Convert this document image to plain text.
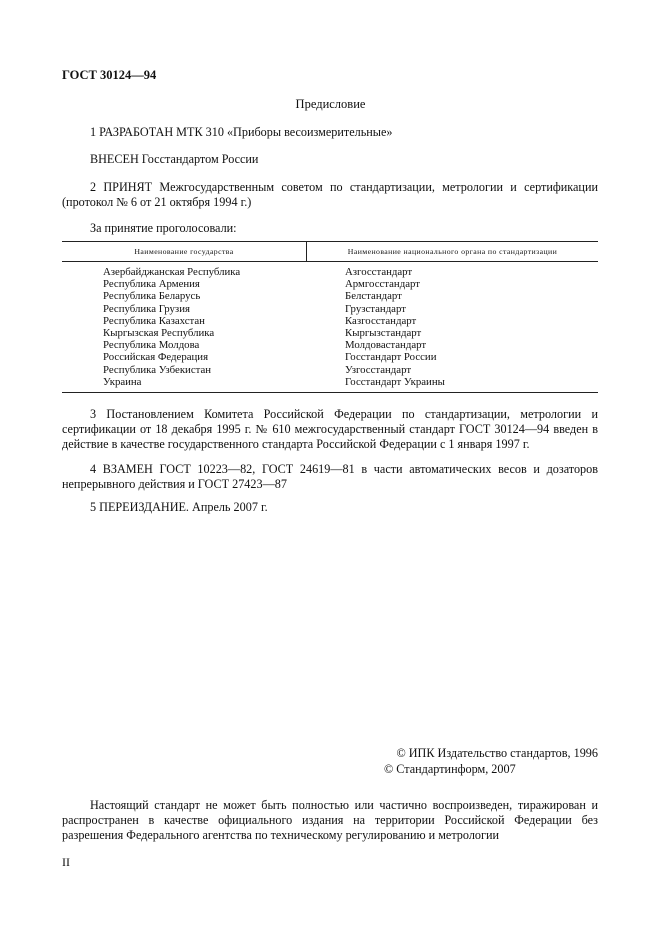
ГОСТ 30124—94
Предисловие
1 РАЗРАБОТАН МТК 310 «Приборы весоизмерительные»
ВНЕСЕН Госстандартом России
2 ПРИНЯТ Межгосударственным советом по стандартизации, метрологии и сертификации (протокол № 6 от 21 октября 1994 г.)
За принятие проголосовали:
Наименование государства	Наименование национального органа по стандартизации
Азербайджанская Республика
Республика Армения
Республика Беларусь
Республика Грузия
Республика Казахстан
Кыргызская Республика
Республика Молдова
Российская Федерация
Республика Узбекистан
Украина
Азгосстандарт
Армгосстандарт
Белстандарт
Грузстандарт
Казгосстандарт
Кыргызстандарт
Молдовастандарт
Госстандарт России
Узгосстандарт
Госстандарт Украины
3 Постановлением Комитета Российской Федерации по стандартизации, метрологии и сертификации от 18 декабря 1995 г. № 610 межгосударственный стандарт ГОСТ 30124—94 введен в действие в качестве государственного стандарта Российской Федерации с 1 января 1997 г.
4 ВЗАМЕН ГОСТ 10223—82, ГОСТ 24619—81 в части автоматических весов и дозаторов непрерывного действия и ГОСТ 27423—87
5 ПЕРЕИЗДАНИЕ. Апрель 2007 г.
© ИПК Издательство стандартов, 1996
© Стандартинформ, 2007
Настоящий стандарт не может быть полностью или частично воспроизведен, тиражирован и распространен в качестве официального издания на территории Российской Федерации без разрешения Федерального агентства по техническому регулированию и метрологии
II
